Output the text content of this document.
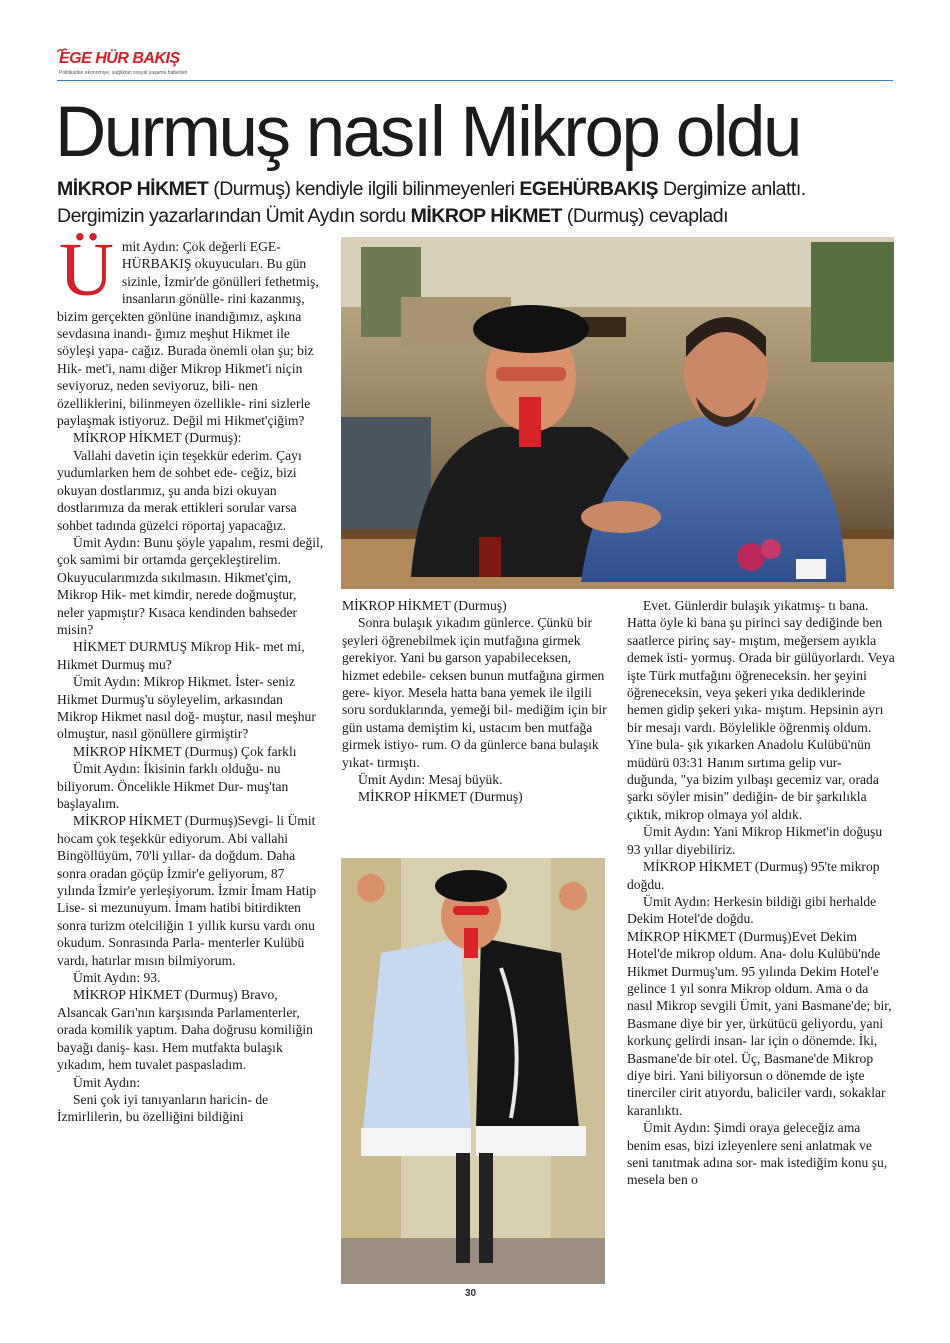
EGE HÜR BAKIŞ
Politikadan ekonomiye, sağlıktan sosyal yaşama haberleri
Durmuş nasıl Mikrop oldu

MİKROP HİKMET (Durmuş) kendiyle ilgili bilinmeyenleri EGEHÜRBAKIŞ Dergimize anlattı.

Dergimizin yazarlarından Ümit Aydın sordu MİKROP HİKMET (Durmuş) cevapladı

Ümit Aydın: Çok değerli EGE- HÜRBAKIŞ okuyucuları. Bu gün sizinle, İzmir'de gönülleri fethetmiş, insanların gönülle- rini kazanmış, bizim gerçekten gönlüne inandığımız, aşkına sevdasına inandı- ğımız meşhut Hikmet ile söyleşi yapa- cağız. Burada önemli olan şu; biz Hik- met'i, namı diğer Mikrop Hikmet'i niçin seviyoruz, neden seviyoruz, bili- nen özelliklerini, bilinmeyen özellikle- rini sizlerle paylaşmak istiyoruz. Değil mi Hikmet'çiğim?

MİKROP HİKMET (Durmuş):

Vallahi davetin için teşekkür ederim. Çayı yudumlarken hem de sohbet ede- ceğiz, bizi okuyan dostlarımız, şu anda bizi okuyan dostlarımıza da merak ettikleri sorular varsa sohbet tadında güzelci röportaj yapacağız.

Ümit Aydın: Bunu şöyle yapalım, resmi değil, çok samimi bir ortamda gerçekleştirelim. Okuyucularımızda sıkılmasın. Hikmet'çim, Mikrop Hik- met kimdir, nerede doğmuştur, neler yapmıştır? Kısaca kendinden bahseder misin?

HİKMET DURMUŞ Mikrop Hik- met mi, Hikmet Durmuş mu?

Ümit Aydın: Mikrop Hikmet. İster- seniz Hikmet Durmuş'u söyleyelim, arkasından Mikrop Hikmet nasıl doğ- muştur, nasıl meşhur olmuştur, nasıl gönüllere girmiştir?

MİKROP HİKMET (Durmuş) Çok farklı

Ümit Aydın: İkisinin farklı olduğu- nu biliyorum. Öncelikle Hikmet Dur- muş'tan başlayalım.

MİKROP HİKMET (Durmuş)Sevgi- li Ümit hocam çok teşekkür ediyorum. Abi vallahi Bingöllüyüm, 70'li yıllar- da doğdum. Daha sonra oradan göçüp İzmir'e geliyorum, 87 yılında İzmir'e yerleşiyorum. İzmir İmam Hatip Lise- si mezunuyum. İmam hatibi bitirdikten sonra turizm otelciliğin 1 yıllık kursu vardı onu okudum. Sonrasında Parla- menterler Kulübü vardı, hatırlar mısın bilmiyorum.

Ümit Aydın: 93.

MİKROP HİKMET (Durmuş) Bravo, Alsancak Garı'nın karşısında Parlamenterler, orada komilik yaptım. Daha doğrusu komiliğin bayağı daniş- kası. Hem mutfakta bulaşık yıkadım, hem tuvalet paspasladım.

Ümit Aydın:

Seni çok iyi tanıyanların haricin- de İzmirlilerin, bu özelliğini bildiğini

MİKROP HİKMET (Durmuş)

Sonra bulaşık yıkadım günlerce. Çünkü bir şeyleri öğrenebilmek için mutfağına girmek gerekiyor. Yani bu garson yapabileceksen, hizmet edebile- ceksen bunun mutfağına girmen gere- kiyor. Mesela hatta bana yemek ile ilgili soru sorduklarında, yemeği bil- mediğim için bir gün ustama demiştim ki, ustacım ben mutfağa girmek istiyo- rum. O da günlerce bana bulaşık yıkat- tırmıştı.

Ümit Aydın: Mesaj büyük.

MİKROP HİKMET (Durmuş)

Evet. Günlerdir bulaşık yıkatmış- tı bana. Hatta öyle ki bana şu pirinci say dediğinde ben saatlerce pirinç say- mıştım, meğersem ayıkla demek isti- yormuş. Orada bir gülüyorlardı. Veya işte Türk mutfağını öğreneceksin. her şeyini öğreneceksin, veya şekeri yıka dediklerinde hemen gidip şekeri yıka- mıştım. Hepsinin ayrı bir mesajı vardı. Böylelikle öğrenmiş oldum. Yine bula- şık yıkarken Anadolu Kulübü'nün müdürü 03:31 Hanım sırtıma gelip vur- duğunda, "ya bizim yılbaşı gecemiz var, orada şarkı söyler misin" dediğin- de bir şarkılıkla çıktık, mikrop olmaya yol aldık.

Ümit Aydın: Yani Mikrop Hikmet'in doğuşu 93 yıllar diyebiliriz.

MİKROP HİKMET (Durmuş) 95'te mikrop doğdu.

Ümit Aydın: Herkesin bildiği gibi herhalde Dekim Hotel'de doğdu.

MİKROP HİKMET (Durmuş)Evet Dekim Hotel'de mikrop oldum. Ana- dolu Kulübü'nde Hikmet Durmuş'um. 95 yılında Dekim Hotel'e gelince 1 yıl sonra Mikrop oldum. Ama o da nasıl Mikrop sevgili Ümit, yani Basmane'de; bir, Basmane diye bir yer, ürkütücü geliyordu, yani korkunç gelirdi insan- lar için o dönemde. İki, Basmane'de bir otel. Üç, Basmane'de Mikrop diye biri. Yani biliyorsun o dönemde de işte tinerciler cirit atıyordu, baliciler vardı, sokaklar karanlıktı.

Ümit Aydın: Şimdi oraya geleceğiz ama benim esas, bizi izleyenlere seni anlatmak ve seni tanıtmak adına sor- mak istediğim konu şu, mesela ben o

30
